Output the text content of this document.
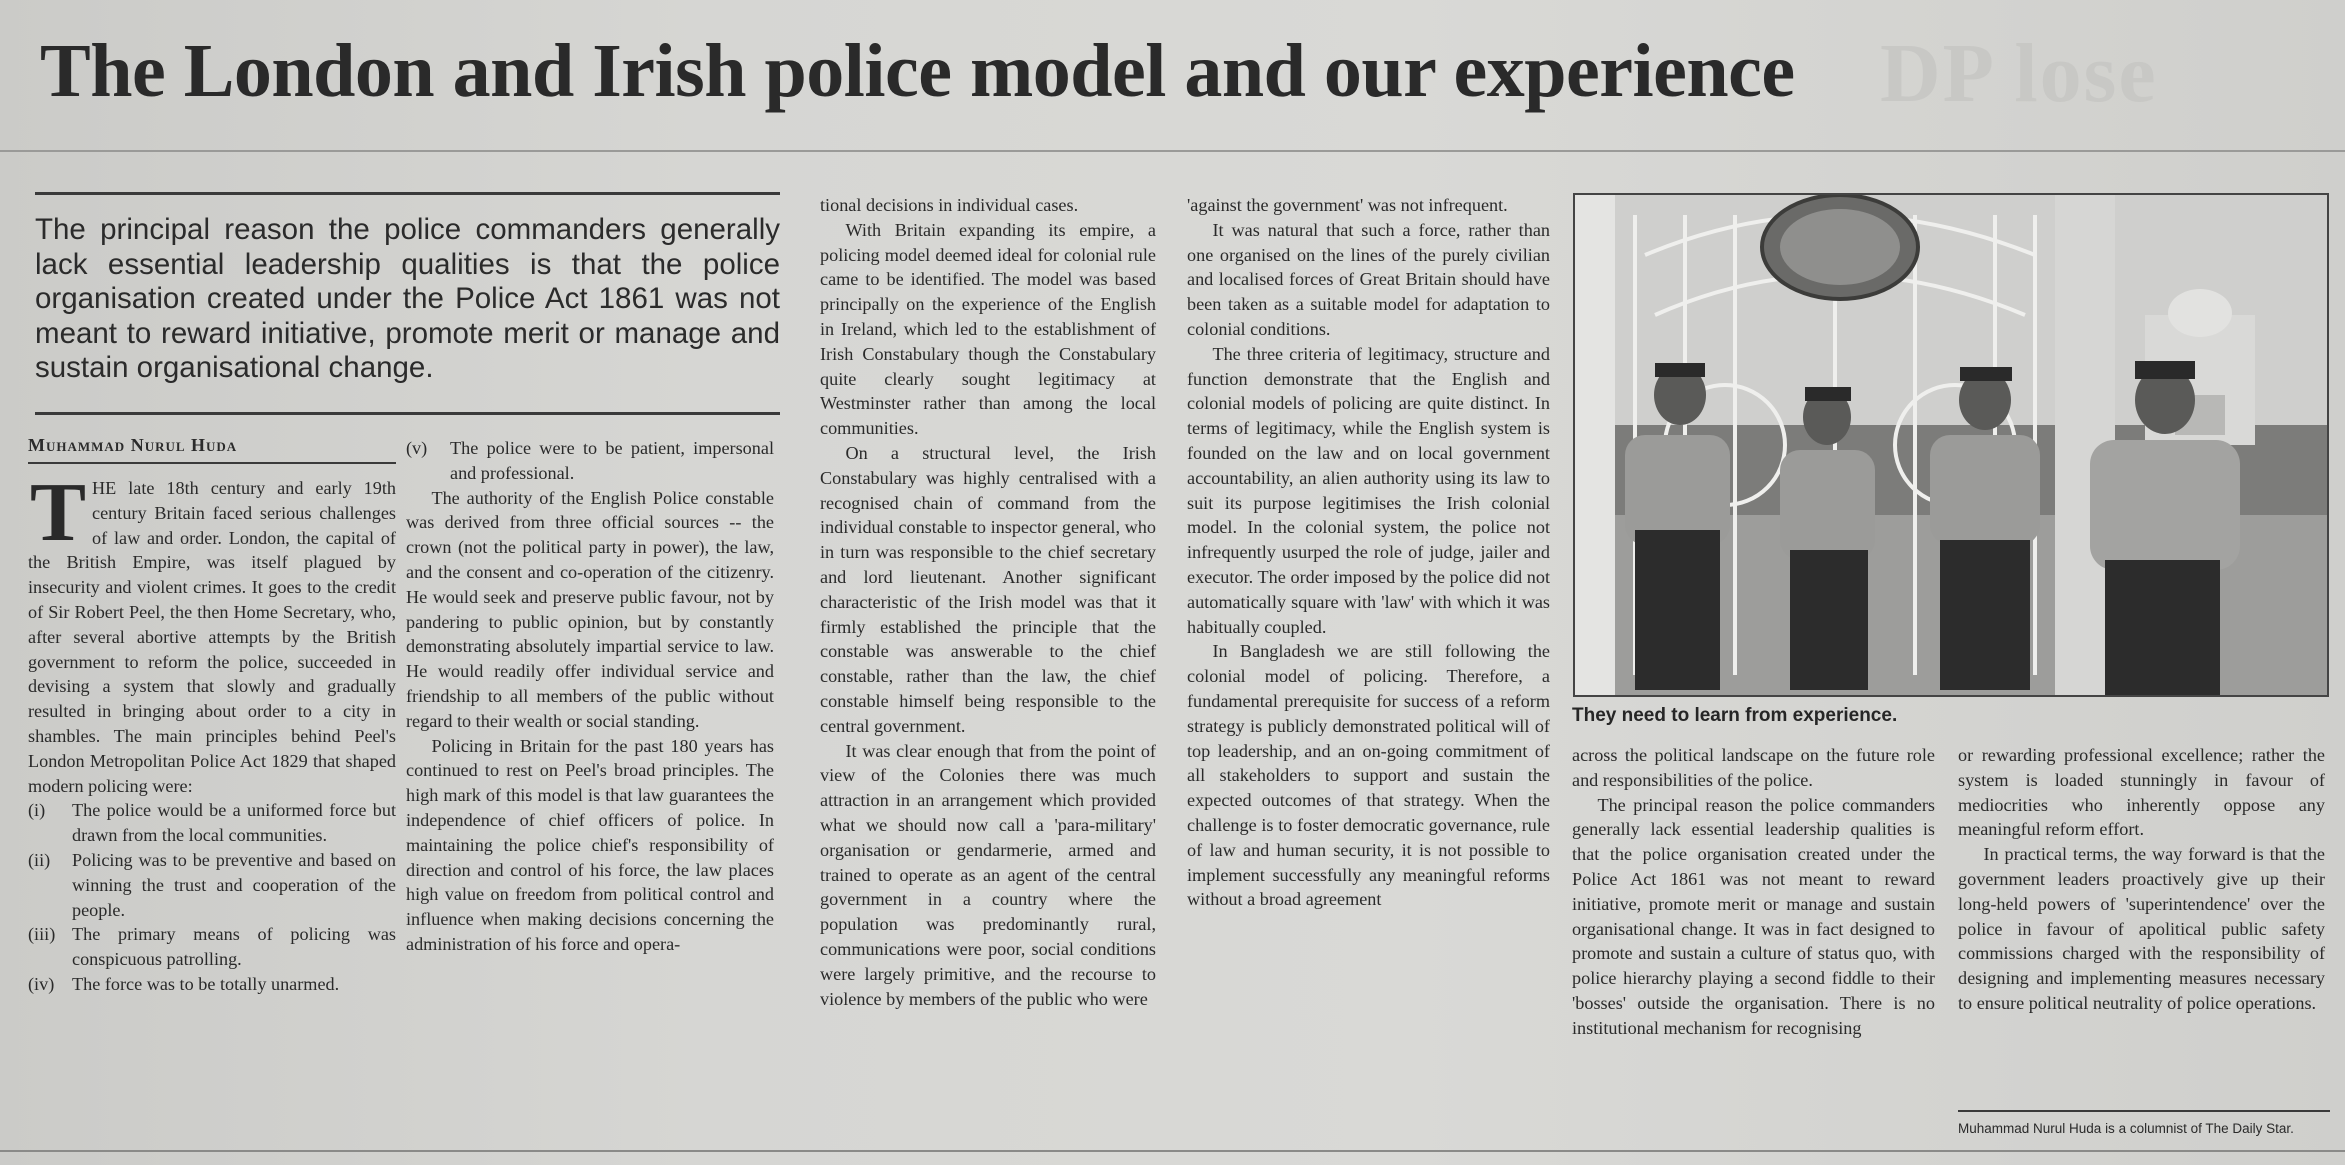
DP lose
The London and Irish police model and our experience

The principal reason the police commanders generally lack essential leadership qualities is that the police organisation created under the Police Act 1861 was not meant to reward initiative, promote merit or manage and sustain organisational change.

Muhammad Nurul Huda

THE late 18th century and early 19th century Britain faced serious challenges of law and order. London, the capital of the British Empire, was itself plagued by insecurity and violent crimes. It goes to the credit of Sir Robert Peel, the then Home Secretary, who, after several abortive attempts by the British government to reform the police, succeeded in devising a system that slowly and gradually resulted in bringing about order to a city in shambles. The main principles behind Peel's London Metropolitan Police Act 1829 that shaped modern policing were:

(i)	The police would be a uniformed force but drawn from the local communities.
(ii)	Policing was to be preventive and based on winning the trust and cooperation of the people.
(iii) The primary means of policing was conspicuous patrolling.
(iv) The force was to be totally unarmed.
(v)	The police were to be patient, impersonal and professional.

The authority of the English Police constable was derived from three official sources -- the crown (not the political party in power), the law, and the consent and co-operation of the citizenry. He would seek and preserve public favour, not by pandering to public opinion, but by constantly demonstrating absolutely impartial service to law. He would readily offer individual service and friendship to all members of the public without regard to their wealth or social standing.

Policing in Britain for the past 180 years has continued to rest on Peel's broad principles. The high mark of this model is that law guarantees the independence of chief officers of police. In maintaining the police chief's responsibility of direction and control of his force, the law places high value on freedom from political control and influence when making decisions concerning the administration of his force and opera-

tional decisions in individual cases.

With Britain expanding its empire, a policing model deemed ideal for colonial rule came to be identified. The model was based principally on the experience of the English in Ireland, which led to the establishment of Irish Constabulary though the Constabulary quite clearly sought legitimacy at Westminster rather than among the local communities.

On a structural level, the Irish Constabulary was highly centralised with a recognised chain of command from the individual constable to inspector general, who in turn was responsible to the chief secretary and lord lieutenant. Another significant characteristic of the Irish model was that it firmly established the principle that the constable was answerable to the chief constable, rather than the law, the chief constable himself being responsible to the central government.

It was clear enough that from the point of view of the Colonies there was much attraction in an arrangement which provided what we should now call a 'para-military' organisation or gendarmerie, armed and trained to operate as an agent of the central government in a country where the population was predominantly rural, communications were poor, social conditions were largely primitive, and the recourse to violence by members of the public who were

'against the government' was not infrequent.

It was natural that such a force, rather than one organised on the lines of the purely civilian and localised forces of Great Britain should have been taken as a suitable model for adaptation to colonial conditions.

The three criteria of legitimacy, structure and function demonstrate that the English and colonial models of policing are quite distinct. In terms of legitimacy, while the English system is founded on the law and on local government accountability, an alien authority using its law to suit its purpose legitimises the Irish colonial model. In the colonial system, the police not infrequently usurped the role of judge, jailer and executor. The order imposed by the police did not automatically square with 'law' with which it was habitually coupled.

In Bangladesh we are still following the colonial model of policing. Therefore, a fundamental prerequisite for success of a reform strategy is publicly demonstrated political will of top leadership, and an on-going commitment of all stakeholders to support and sustain the expected outcomes of that strategy. When the challenge is to foster democratic governance, rule of law and human security, it is not possible to implement successfully any meaningful reforms without a broad agreement

They need to learn from experience.

across the political landscape on the future role and responsibilities of the police.

The principal reason the police commanders generally lack essential leadership qualities is that the police organisation created under the Police Act 1861 was not meant to reward initiative, promote merit or manage and sustain organisational change. It was in fact designed to promote and sustain a culture of status quo, with police hierarchy playing a second fiddle to their 'bosses' outside the organisation. There is no institutional mechanism for recognising

or rewarding professional excellence; rather the system is loaded stunningly in favour of mediocrities who inherently oppose any meaningful reform effort.

In practical terms, the way forward is that the government leaders proactively give up their long-held powers of 'superintendence' over the police in favour of apolitical public safety commissions charged with the responsibility of designing and implementing measures necessary to ensure political neutrality of police operations.

Muhammad Nurul Huda is a columnist of The Daily Star.
